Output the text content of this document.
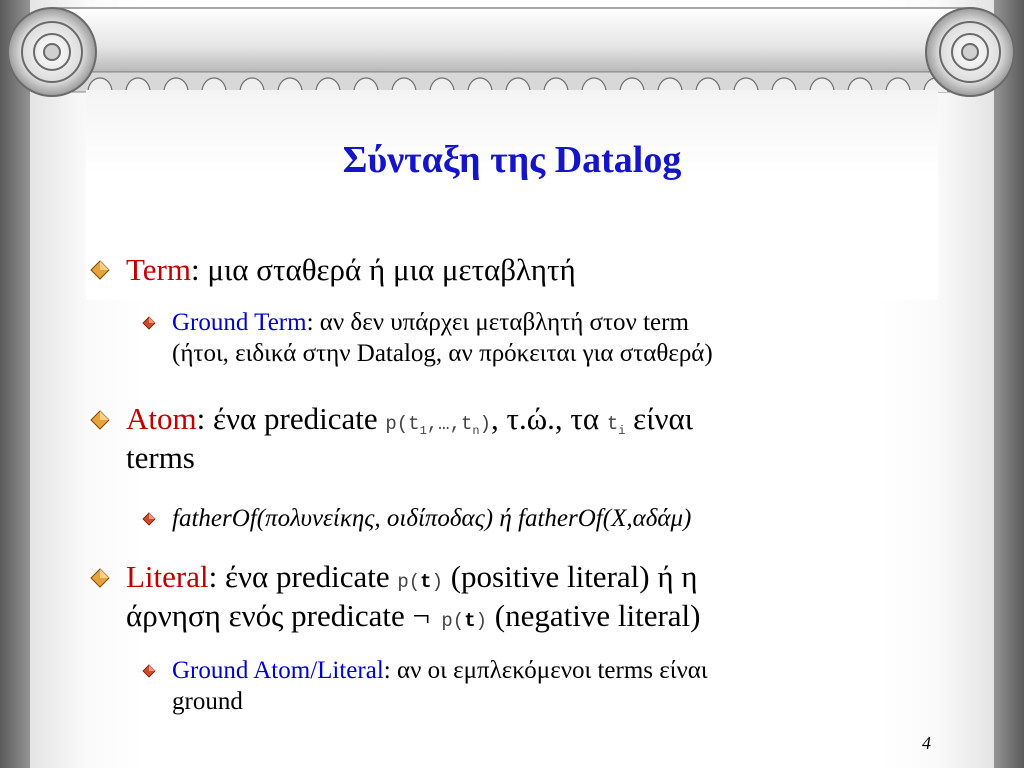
Σύνταξη της Datalog
Term: μια σταθερά ή μια μεταβλητή
Ground Term: αν δεν υπάρχει μεταβλητή στον term
(ήτοι, ειδικά στην Datalog, αν πρόκειται για σταθερά)
Atom: ένα predicate $p(t_1,\dots,t_n)$, τ.ώ., τα $t_i$ είναι
terms
fatherOf(πολυνείκης, οιδίποδας) ή fatherOf(X,αδάμ)
Literal: ένα predicate p(t) (positive literal) ή η
άρνηση ενός predicate ¬ p(t) (negative literal)
Ground Atom/Literal: αν οι εμπλεκόμενοι terms είναι
ground
4
